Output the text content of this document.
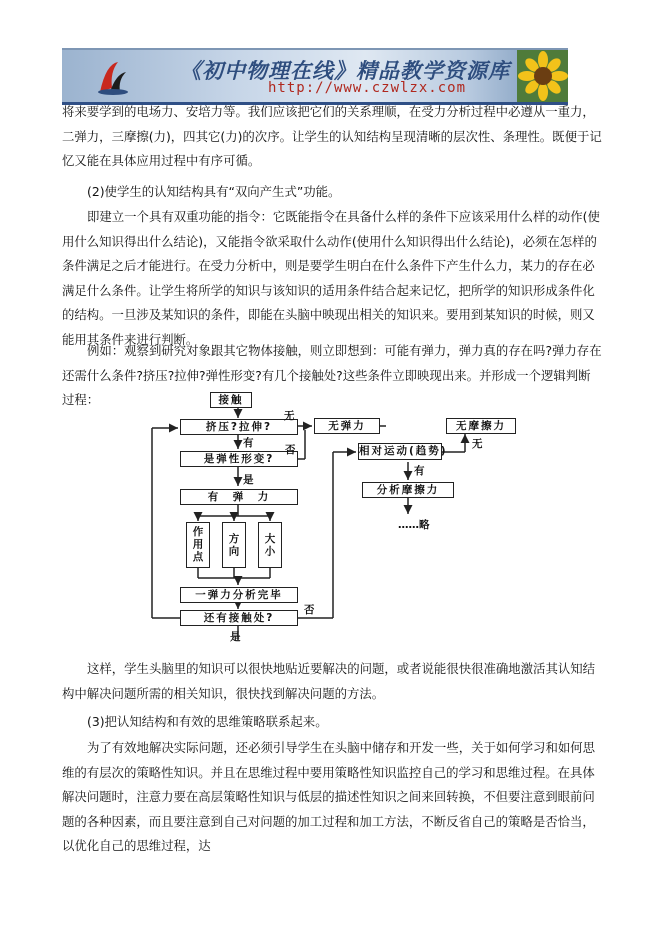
《初中物理在线》精品教学资源库
http://www.czwlzx.com

将来要学到的电场力、安培力等。我们应该把它们的关系理顺，在受力分析过程中必遵从一重力，二弹力，三摩擦(力)，四其它(力)的次序。让学生的认知结构呈现清晰的层次性、条理性。既便于记忆又能在具体应用过程中有序可循。

(2)使学生的认知结构具有“双向产生式”功能。

即建立一个具有双重功能的指令：它既能指令在具备什么样的条件下应该采用什么样的动作(使用什么知识得出什么结论)，又能指令欲采取什么动作(使用什么知识得出什么结论)，必须在怎样的条件满足之后才能进行。在受力分析中，则是要学生明白在什么条件下产生什么力，某力的存在必满足什么条件。让学生将所学的知识与该知识的适用条件结合起来记忆，把所学的知识形成条件化的结构。一旦涉及某知识的条件，即能在头脑中映现出相关的知识来。要用到某知识的时候，则又能用其条件来进行判断。

例如：观察到研究对象跟其它物体接触，则立即想到：可能有弹力，弹力真的存在吗?弹力存在还需什么条件?挤压?拉伸?弹性形变?有几个接触处?这些条件立即映现出来。并形成一个逻辑判断过程：	接触
挤压?拉伸?
是弹性形变?
无弹力
有　弹　力
作用点	方向	大小
一弹力分析完毕
还有接触处?
相对运动(趋势)
无摩擦力
分析摩擦力
……略
无
有
否
是
否
是
无
有

这样，学生头脑里的知识可以很快地贴近要解决的问题，或者说能很快很准确地激活其认知结构中解决问题所需的相关知识，很快找到解决问题的方法。

(3)把认知结构和有效的思维策略联系起来。

为了有效地解决实际问题，还必须引导学生在头脑中储存和开发一些，关于如何学习和如何思维的有层次的策略性知识。并且在思维过程中要用策略性知识监控自己的学习和思维过程。在具体解决问题时，注意力要在高层策略性知识与低层的描述性知识之间来回转换，不但要注意到眼前问题的各种因素，而且要注意到自己对问题的加工过程和加工方法，不断反省自己的策略是否恰当，以优化自己的思维过程，达
